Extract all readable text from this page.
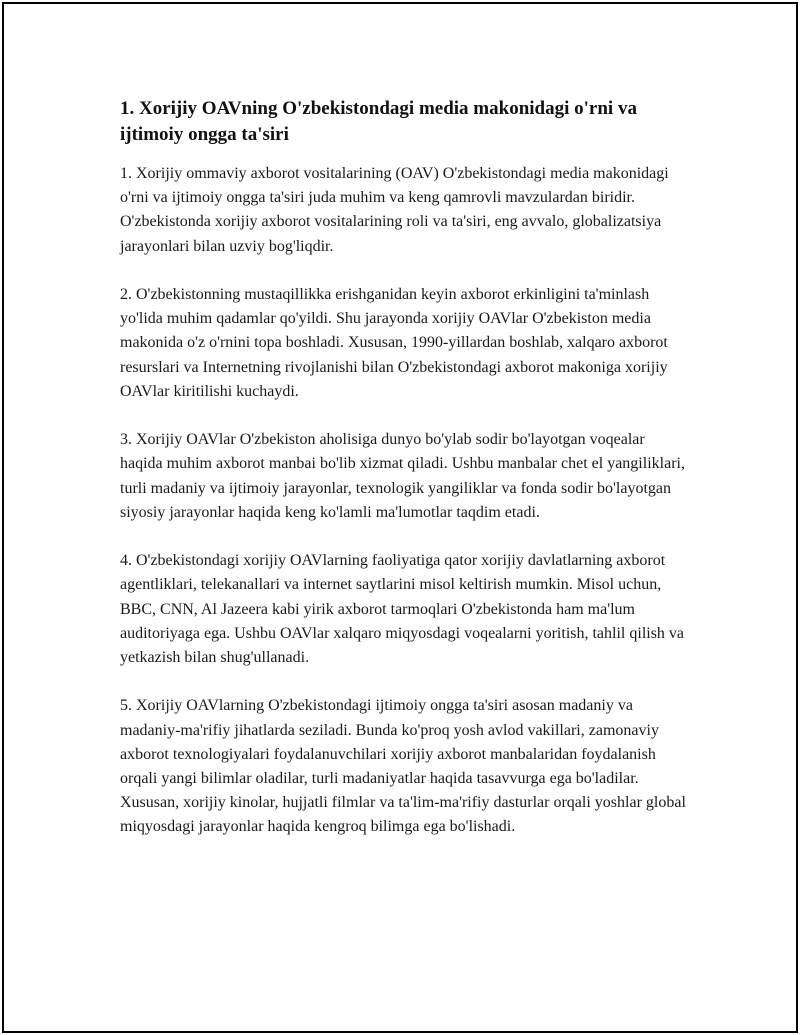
1. Xorijiy OAVning O'zbekistondagi media makonidagi o'rni va ijtimoiy ongga ta'siri

1. Xorijiy ommaviy axborot vositalarining (OAV) O'zbekistondagi media makonidagi o'rni va ijtimoiy ongga ta'siri juda muhim va keng qamrovli mavzulardan biridir. O'zbekistonda xorijiy axborot vositalarining roli va ta'siri, eng avvalo, globalizatsiya jarayonlari bilan uzviy bog'liqdir.

2. O'zbekistonning mustaqillikka erishganidan keyin axborot erkinligini ta'minlash yo'lida muhim qadamlar qo'yildi. Shu jarayonda xorijiy OAVlar O'zbekiston media makonida o'z o'rnini topa boshladi. Xususan, 1990-yillardan boshlab, xalqaro axborot resurslari va Internetning rivojlanishi bilan O'zbekistondagi axborot makoniga xorijiy OAVlar kiritilishi kuchaydi.

3. Xorijiy OAVlar O'zbekiston aholisiga dunyo bo'ylab sodir bo'layotgan voqealar haqida muhim axborot manbai bo'lib xizmat qiladi. Ushbu manbalar chet el yangiliklari, turli madaniy va ijtimoiy jarayonlar, texnologik yangiliklar va fonda sodir bo'layotgan siyosiy jarayonlar haqida keng ko'lamli ma'lumotlar taqdim etadi.

4. O'zbekistondagi xorijiy OAVlarning faoliyatiga qator xorijiy davlatlarning axborot agentliklari, telekanallari va internet saytlarini misol keltirish mumkin. Misol uchun, BBC, CNN, Al Jazeera kabi yirik axborot tarmoqlari O'zbekistonda ham ma'lum auditoriyaga ega. Ushbu OAVlar xalqaro miqyosdagi voqealarni yoritish, tahlil qilish va yetkazish bilan shug'ullanadi.

5. Xorijiy OAVlarning O'zbekistondagi ijtimoiy ongga ta'siri asosan madaniy va madaniy-ma'rifiy jihatlarda seziladi. Bunda ko'proq yosh avlod vakillari, zamonaviy axborot texnologiyalari foydalanuvchilari xorijiy axborot manbalaridan foydalanish orqali yangi bilimlar oladilar, turli madaniyatlar haqida tasavvurga ega bo'ladilar. Xususan, xorijiy kinolar, hujjatli filmlar va ta'lim-ma'rifiy dasturlar orqali yoshlar global miqyosdagi jarayonlar haqida kengroq bilimga ega bo'lishadi.
